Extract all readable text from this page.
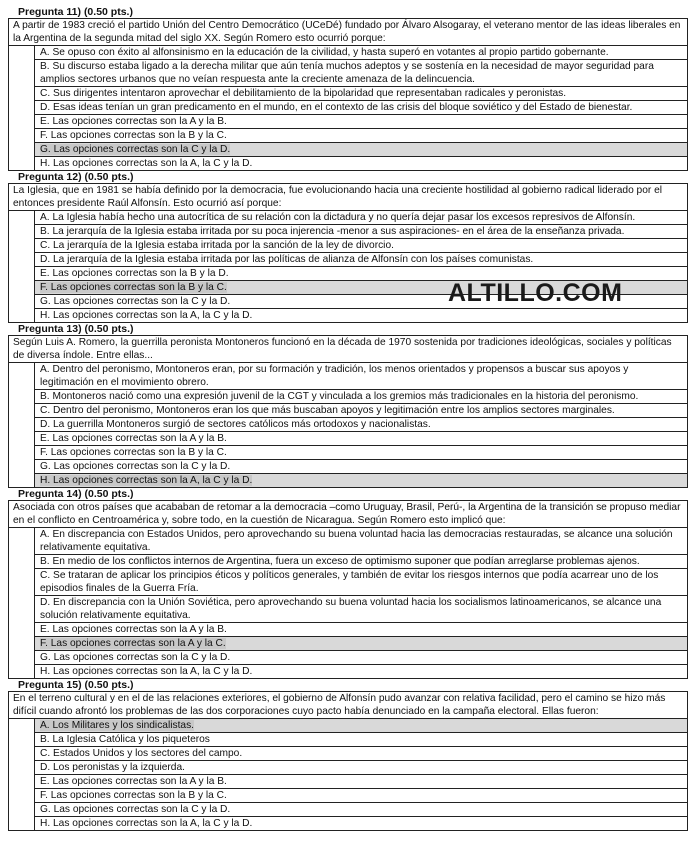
Pregunta 11) (0.50 pts.)
A partir de 1983 creció el partido Unión del Centro Democrático (UCeDé) fundado por Álvaro Alsogaray, el veterano mentor de las ideas liberales en la Argentina de la segunda mitad del siglo XX. Según Romero esto ocurrió porque:
A. Se opuso con éxito al alfonsinismo en la educación de la civilidad, y hasta superó en votantes al propio partido gobernante.
B. Su discurso estaba ligado a la derecha militar que aún tenía muchos adeptos y se sostenía en la necesidad de mayor seguridad para amplios sectores urbanos que no veían respuesta ante la creciente amenaza de la delincuencia.
C. Sus dirigentes intentaron aprovechar el debilitamiento de la bipolaridad que representaban radicales y peronistas.
D. Esas ideas tenían un gran predicamento en el mundo, en el contexto de las crisis del bloque soviético y del Estado de bienestar.
E. Las opciones correctas son la A y la B.
F. Las opciones correctas son la B y la C.
G. Las opciones correctas son la C y la D.
H. Las opciones correctas son la A, la C y la D.
Pregunta 12) (0.50 pts.)
La Iglesia, que en 1981 se había definido por la democracia, fue evolucionando hacia una creciente hostilidad al gobierno radical liderado por el entonces presidente Raúl Alfonsín. Esto ocurrió así porque:
A. La Iglesia había hecho una autocrítica de su relación con la dictadura y no quería dejar pasar los excesos represivos de Alfonsín.
B. La jerarquía de la Iglesia estaba irritada por su poca injerencia -menor a sus aspiraciones- en el área de la enseñanza privada.
C. La jerarquía de la Iglesia estaba irritada por la sanción de la ley de divorcio.
D. La jerarquía de la Iglesia estaba irritada por las políticas de alianza de Alfonsín con los países comunistas.
E. Las opciones correctas son la B y la D.
F. Las opciones correctas son la B y la C.
G. Las opciones correctas son la C y la D.
H. Las opciones correctas son la A, la C y la D.
Pregunta 13) (0.50 pts.)
Según Luis A. Romero, la guerrilla peronista Montoneros funcionó en la década de 1970 sostenida por tradiciones ideológicas, sociales y políticas de diversa índole. Entre ellas...
A. Dentro del peronismo, Montoneros eran, por su formación y tradición, los menos orientados y propensos a buscar sus apoyos y legitimación en el movimiento obrero.
B. Montoneros nació como una expresión juvenil de la CGT y vinculada a los gremios más tradicionales en la historia del peronismo.
C. Dentro del peronismo, Montoneros eran los que más buscaban apoyos y legitimación entre los amplios sectores marginales.
D. La guerrilla Montoneros surgió de sectores católicos más ortodoxos y nacionalistas.
E. Las opciones correctas son la A y la B.
F. Las opciones correctas son la B y la C.
G. Las opciones correctas son la C y la D.
H. Las opciones correctas son la A, la C y la D.
Pregunta 14) (0.50 pts.)
Asociada con otros países que acababan de retomar a la democracia –como Uruguay, Brasil, Perú-, la Argentina de la transición se propuso mediar en el conflicto en Centroamérica y, sobre todo, en la cuestión de Nicaragua. Según Romero esto implicó que:
A. En discrepancia con Estados Unidos, pero aprovechando su buena voluntad hacia las democracias restauradas, se alcance una solución relativamente equitativa.
B. En medio de los conflictos internos de Argentina, fuera un exceso de optimismo suponer que podían arreglarse problemas ajenos.
C. Se trataran de aplicar los principios éticos y políticos generales, y también de evitar los riesgos internos que podía acarrear uno de los episodios finales de la Guerra Fría.
D. En discrepancia con la Unión Soviética, pero aprovechando su buena voluntad hacia los socialismos latinoamericanos, se alcance una solución relativamente equitativa.
E. Las opciones correctas son la A y la B.
F. Las opciones correctas son la A y la C.
G. Las opciones correctas son la C y la D.
H. Las opciones correctas son la A, la C y la D.
Pregunta 15) (0.50 pts.)
En el terreno cultural y en el de las relaciones exteriores, el gobierno de Alfonsín pudo avanzar con relativa facilidad, pero el camino se hizo más difícil cuando afrontó los problemas de las dos corporaciones cuyo pacto había denunciado en la campaña electoral. Ellas fueron:
A. Los Militares y los sindicalistas.
B. La Iglesia Católica y los piqueteros
C. Estados Unidos y los sectores del campo.
D. Los peronistas y la izquierda.
E. Las opciones correctas son la A y la B.
F. Las opciones correctas son la B y la C.
G. Las opciones correctas son la C y la D.
H. Las opciones correctas son la A, la C y la D.
ALTILLO.COM
